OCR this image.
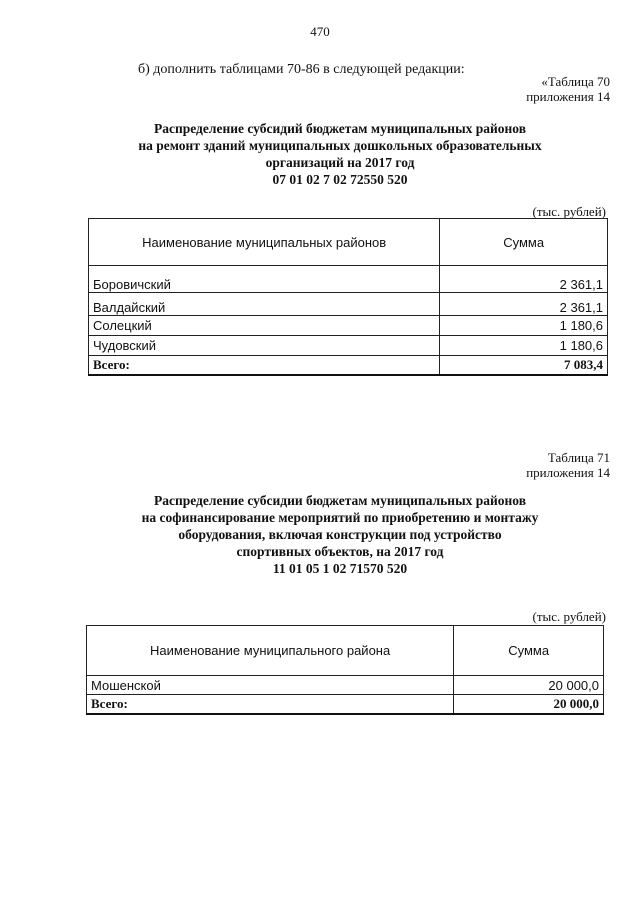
470
б) дополнить таблицами 70-86 в следующей редакции:
«Таблица 70
приложения 14
Распределение субсидий бюджетам муниципальных районов
на ремонт зданий муниципальных дошкольных образовательных
организаций на 2017 год
07 01 02 7 02 72550 520
(тыс. рублей)
Наименование муниципальных районов	Сумма
Боровичский	2 361,1
Валдайский	2 361,1
Солецкий	1 180,6
Чудовский	1 180,6
Всего:	7 083,4
Таблица 71
приложения 14
Распределение субсидии бюджетам муниципальных районов
на софинансирование мероприятий по приобретению и монтажу
оборудования, включая конструкции под устройство
спортивных объектов, на 2017 год
11 01 05 1 02 71570 520
(тыс. рублей)
Наименование муниципального района	Сумма
Мошенской	20 000,0
Всего:	20 000,0
